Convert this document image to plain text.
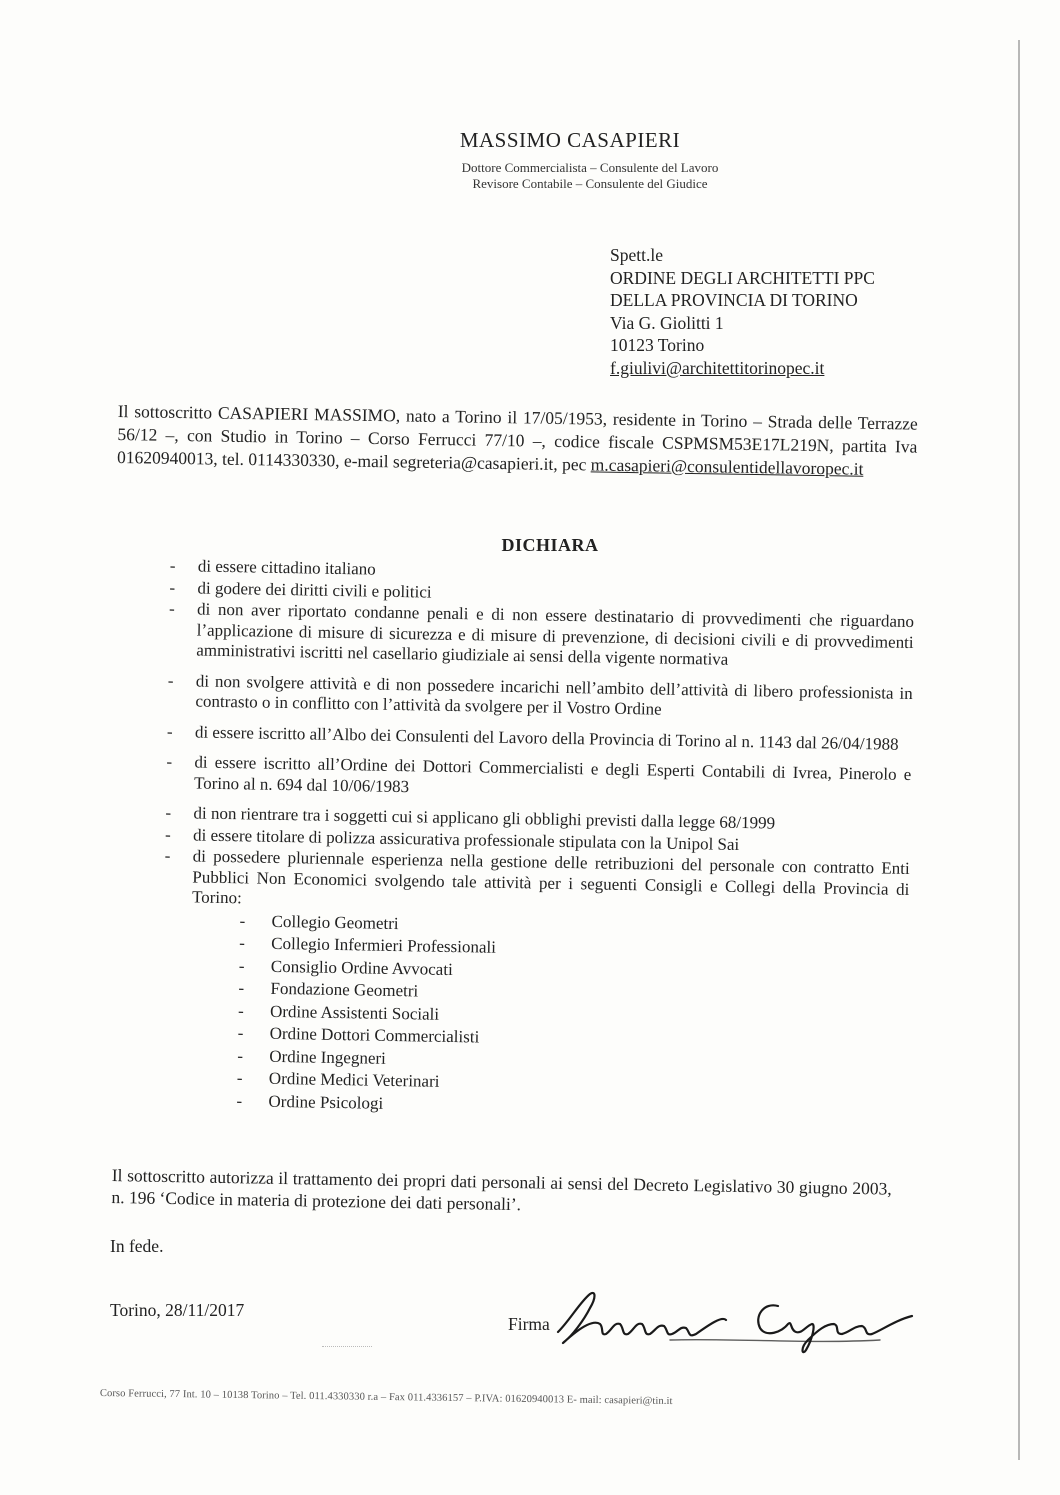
MASSIMO CASAPIERI
Dottore Commercialista – Consulente del Lavoro
Revisore Contabile – Consulente del Giudice
Spett.le
ORDINE DEGLI ARCHITETTI PPC
DELLA PROVINCIA DI TORINO
Via G. Giolitti 1
10123 Torino
f.giulivi@architettitorinopec.it
Il sottoscritto CASAPIERI MASSIMO, nato a Torino il 17/05/1953, residente in Torino – Strada delle Terrazze 56/12 –, con Studio in Torino – Corso Ferrucci 77/10 –, codice fiscale CSPMSM53E17L219N, partita Iva 01620940013, tel. 0114330330, e-mail segreteria@casapieri.it, pec m.casapieri@consulentidellavoropec.it
DICHIARA
- di essere cittadino italiano
- di godere dei diritti civili e politici
- di non aver riportato condanne penali e di non essere destinatario di provvedimenti che riguardano l’applicazione di misure di sicurezza e di misure di prevenzione, di decisioni civili e di provvedimenti amministrativi iscritti nel casellario giudiziale ai sensi della vigente normativa
- di non svolgere attività e di non possedere incarichi nell’ambito dell’attività di libero professionista in contrasto o in conflitto con l’attività da svolgere per il Vostro Ordine
- di essere iscritto all’Albo dei Consulenti del Lavoro della Provincia di Torino al n. 1143 dal 26/04/1988
- di essere iscritto all’Ordine dei Dottori Commercialisti e degli Esperti Contabili di Ivrea, Pinerolo e Torino al n. 694 dal 10/06/1983
- di non rientrare tra i soggetti cui si applicano gli obblighi previsti dalla legge 68/1999
- di essere titolare di polizza assicurativa professionale stipulata con la Unipol Sai
- di possedere pluriennale esperienza nella gestione delle retribuzioni del personale con contratto Enti Pubblici Non Economici svolgendo tale attività per i seguenti Consigli e Collegi della Provincia di Torino:
- Collegio Geometri
- Collegio Infermieri Professionali
- Consiglio Ordine Avvocati
- Fondazione Geometri
- Ordine Assistenti Sociali
- Ordine Dottori Commercialisti
- Ordine Ingegneri
- Ordine Medici Veterinari
- Ordine Psicologi
Il sottoscritto autorizza il trattamento dei propri dati personali ai sensi del Decreto Legislativo 30 giugno 2003, n. 196 ‘Codice in materia di protezione dei dati personali’.
In fede.
Torino, 28/11/2017
Firma
Corso Ferrucci, 77 Int. 10 – 10138 Torino – Tel. 011.4330330 r.a – Fax 011.4336157 – P.IVA: 01620940013 E- mail: casapieri@tin.it
